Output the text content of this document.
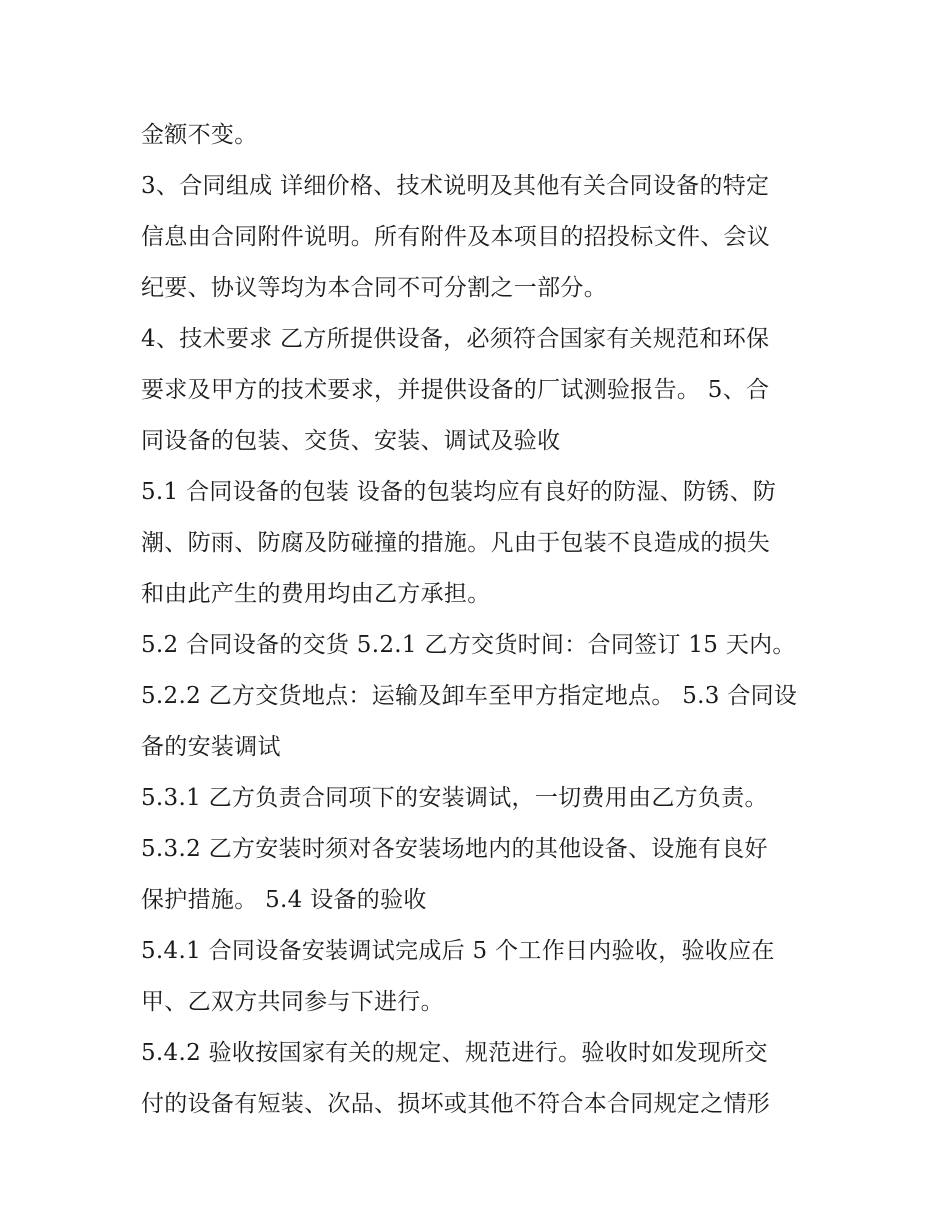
金额不变。
3、合同组成 详细价格、技术说明及其他有关合同设备的特定
信息由合同附件说明。所有附件及本项目的招投标文件、会议
纪要、协议等均为本合同不可分割之一部分。
4、技术要求 乙方所提供设备，必须符合国家有关规范和环保
要求及甲方的技术要求，并提供设备的厂试测验报告。 5、合
同设备的包装、交货、安装、调试及验收
5.1 合同设备的包装 设备的包装均应有良好的防湿、防锈、防
潮、防雨、防腐及防碰撞的措施。凡由于包装不良造成的损失
和由此产生的费用均由乙方承担。
5.2 合同设备的交货 5.2.1 乙方交货时间：合同签订 15 天内。
5.2.2 乙方交货地点：运输及卸车至甲方指定地点。 5.3 合同设
备的安装调试
5.3.1 乙方负责合同项下的安装调试，一切费用由乙方负责。
5.3.2 乙方安装时须对各安装场地内的其他设备、设施有良好
保护措施。 5.4 设备的验收
5.4.1 合同设备安装调试完成后 5 个工作日内验收，验收应在
甲、乙双方共同参与下进行。
5.4.2 验收按国家有关的规定、规范进行。验收时如发现所交
付的设备有短装、次品、损坏或其他不符合本合同规定之情形
